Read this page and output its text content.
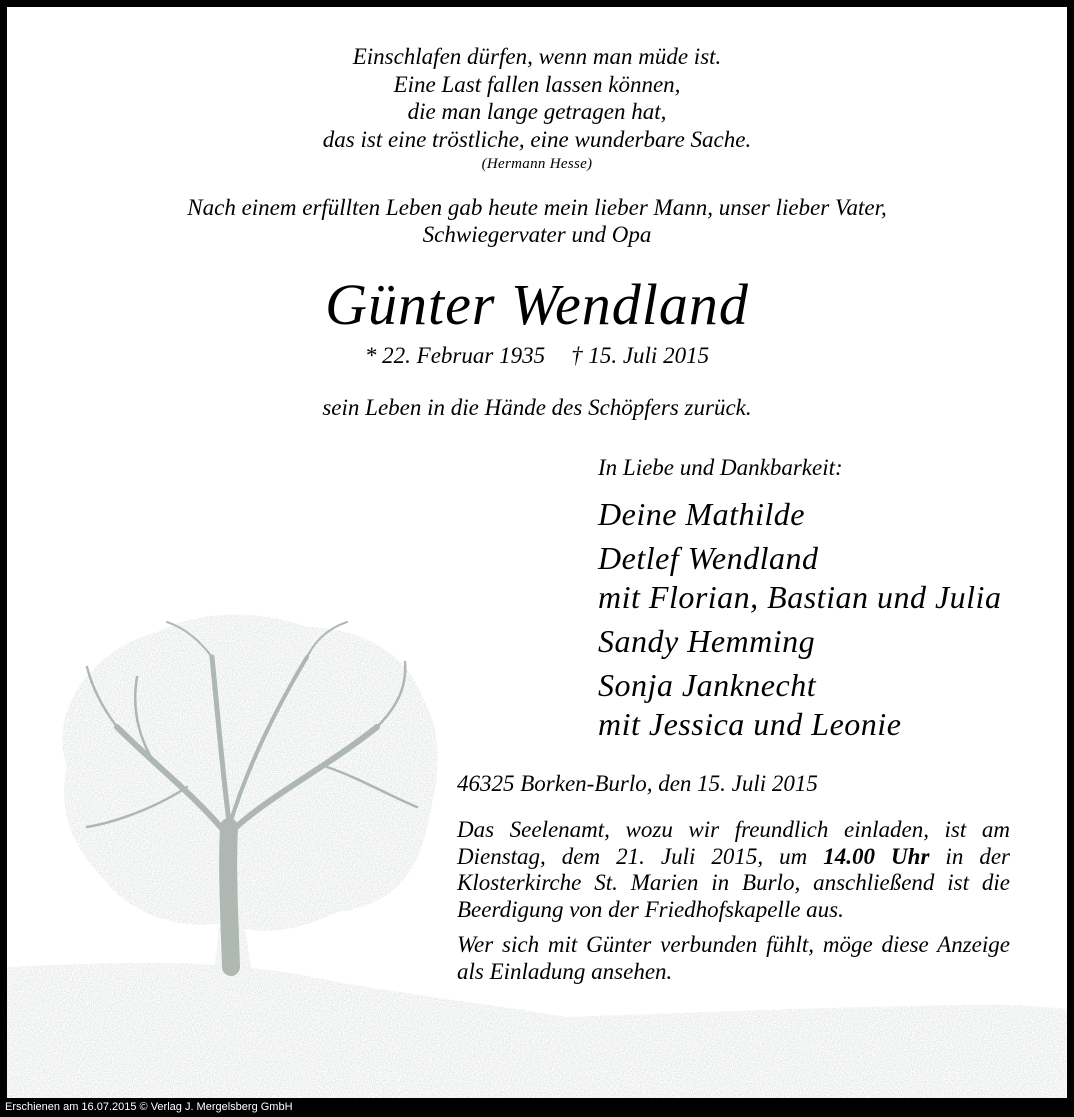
Einschlafen dürfen, wenn man müde ist.
Eine Last fallen lassen können,
die man lange getragen hat,
das ist eine tröstliche, eine wunderbare Sache.
(Hermann Hesse)
Nach einem erfüllten Leben gab heute mein lieber Mann, unser lieber Vater,
Schwiegervater und Opa
Günter Wendland
* 22. Februar 1935 † 15. Juli 2015
sein Leben in die Hände des Schöpfers zurück.
In Liebe und Dankbarkeit:
Deine Mathilde
Detlef Wendland
mit Florian, Bastian und Julia
Sandy Hemming
Sonja Janknecht
mit Jessica und Leonie
46325 Borken-Burlo, den 15. Juli 2015
Das Seelenamt, wozu wir freundlich einladen, ist am Dienstag, dem 21. Juli 2015, um 14.00 Uhr in der Klosterkirche St. Marien in Burlo, anschließend ist die Beerdigung von der Friedhofskapelle aus.
Wer sich mit Günter verbunden fühlt, möge diese Anzeige als Einladung ansehen.
Erschienen am 16.07.2015 © Verlag J. Mergelsberg GmbH
